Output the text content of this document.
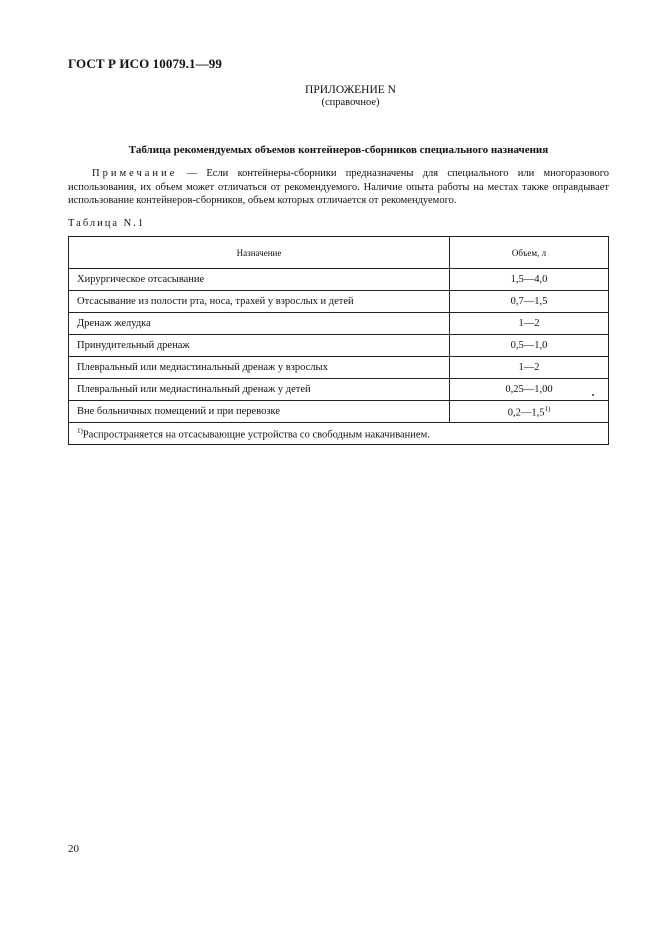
ГОСТ Р ИСО 10079.1—99
ПРИЛОЖЕНИЕ N
(справочное)
Таблица рекомендуемых объемов контейнеров-сборников специального назначения
Примечание — Если контейнеры-сборники предназначены для специального или многоразового использования, их объем может отличаться от рекомендуемого. Наличие опыта работы на местах также оправдывает использование контейнеров-сборников, объем которых отличается от рекомендуемого.
Таблица N.1
Назначение	Объем, л
Хирургическое отсасывание	1,5—4,0
Отсасывание из полости рта, носа, трахей у взрослых и детей	0,7—1,5
Дренаж желудка	1—2
Принудительный дренаж	0,5—1,0
Плевральный или медиастинальный дренаж у взрослых	1—2
Плевральный или медиастинальный дренаж у детей	0,25—1,00
Вне больничных помещений и при перевозке	0,2—1,5$^{1)}$
$^{1)}$Распространяется на отсасывающие устройства со свободным накачиванием.	
20
